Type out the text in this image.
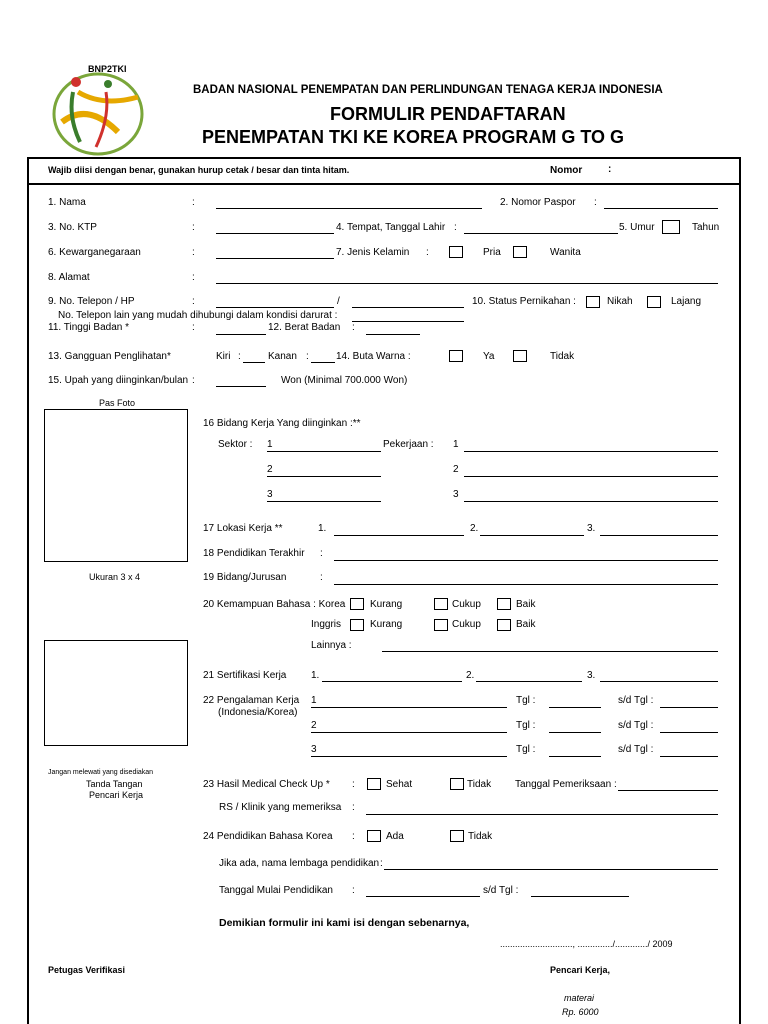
BNP2TKI
BADAN NASIONAL PENEMPATAN DAN PERLINDUNGAN TENAGA KERJA INDONESIA
FORMULIR PENDAFTARAN
PENEMPATAN TKI KE KOREA PROGRAM G TO G
Wajib diisi dengan benar, gunakan hurup cetak / besar dan tinta hitam.	Nomor	:
1. Nama	:	2. Nomor Paspor :
3. No. KTP	:	4. Tempat, Tanggal Lahir :	5. Umur	Tahun
6. Kewarganegaraan	:	7. Jenis Kelamin :	Pria	Wanita
8. Alamat	:
9. No. Telepon / HP	:	/	10. Status Pernikahan :	Nikah	Lajang
No. Telepon lain yang mudah dihubungi dalam kondisi darurat :
11. Tinggi Badan *	:	12. Berat Badan :
13. Gangguan Penglihatan*	Kiri :	Kanan :	14. Buta Warna :	Ya	Tidak
15. Upah yang diinginkan/bulan :	Won (Minimal 700.000 Won)
Pas Foto
Ukuran 3 x 4
Jangan melewati yang disediakan
Tanda Tangan
Pencari Kerja
16 Bidang Kerja Yang diinginkan :**
Sektor : 1	Pekerjaan : 1
2	2
3	3
17 Lokasi Kerja **	1.	2.	3.
18 Pendidikan Terakhir :
19 Bidang/Jurusan	:
20 Kemampuan Bahasa : Korea Kurang	Cukup	Baik
Inggris	Kurang	Cukup	Baik
Lainnya :
21 Sertifikasi Kerja 1.	2.	3.
22 Pengalaman Kerja
(Indonesia/Korea)
1	Tgl :	s/d Tgl :
2	Tgl :	s/d Tgl :
3	Tgl :	s/d Tgl :
23 Hasil Medical Check Up * :	Sehat	Tidak Tanggal Pemeriksaan :
RS / Klinik yang memeriksa :
24 Pendidikan Bahasa Korea :	Ada	Tidak
Jika ada, nama lembaga pendidikan :
Tanggal Mulai Pendidikan :	s/d Tgl :
Demikian formulir ini kami isi dengan sebenarnya,
............................., ............../............./ 2009
Petugas Verifikasi	Pencari Kerja,
materai
Rp. 6000
